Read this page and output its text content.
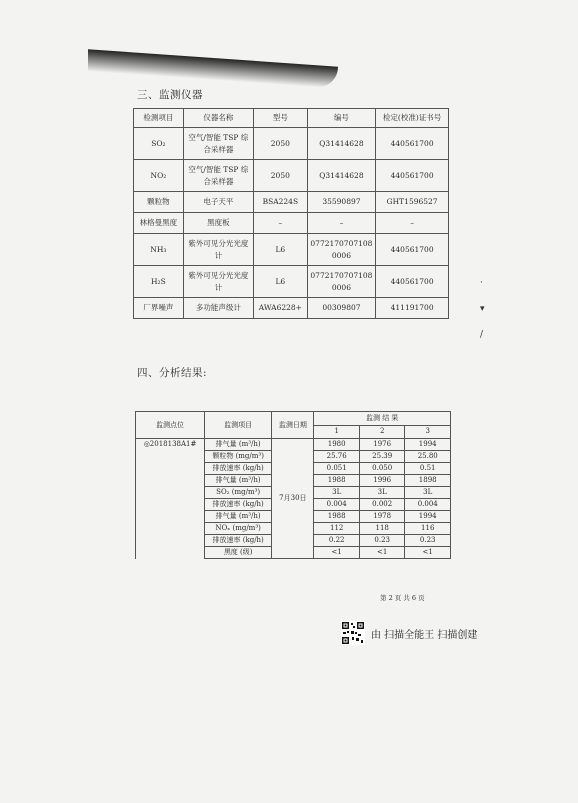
三、监测仪器
检测项目	仪器名称	型号	编号	检定(校准)证书号
SO₂	空气/智能 TSP 综合采样器	2050	Q31414628	440561700
NO₂	空气/智能 TSP 综合采样器	2050	Q31414628	440561700
颗粒物	电子天平	BSA224S	35590897	GHT1596527
林格曼黑度	黑度板	–	–	–
NH₃	紫外可见分光光度计	L6	0772170707108 0006	440561700
H₂S	紫外可见分光光度计	L6	0772170707108 0006	440561700
厂界噪声	多功能声级计	AWA6228+	00309807	411191700
四、分析结果:
监测点位	监测项目	监测日期	监测 结 果		
			1	2	3
◎2018138A1#	排气量 (m³/h)	7月30日	1980	1976	1994
	颗粒物 (mg/m³)		25.76	25.39	25.80
	排放速率 (kg/h)		0.051	0.050	0.51
	排气量 (m³/h)		1988	1996	1898
	SO₂ (mg/m³)		3L	3L	3L
	排放速率 (kg/h)		0.004	0.002	0.004
	排气量 (m³/h)		1988	1978	1994
	NOₓ (mg/m³)		112	118	116
	排放速率 (kg/h)		0.22	0.23	0.23
	黑度 (级)		<1	<1	<1
第 2 页 共 6 页
·
▾
/
由 扫描全能王 扫描创建
